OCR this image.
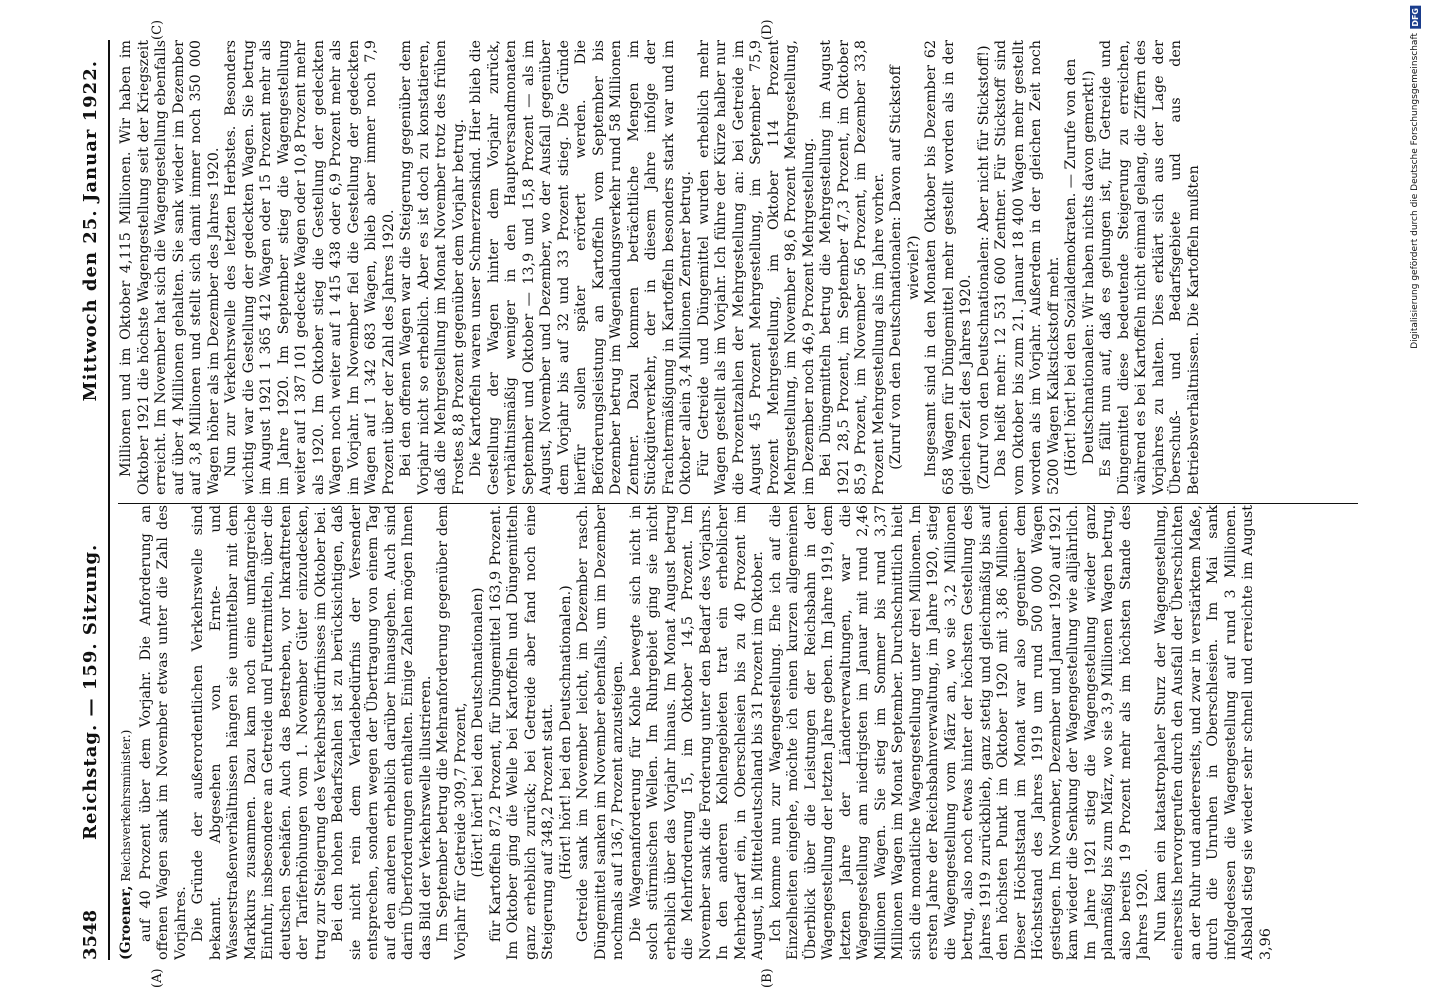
3548
Reichstag. — 159. Sitzung.
Mittwoch den 25. Januar 1922.
(A)	(B)
(C)	(D)
(Groener, Reichsverkehrsminister.) auf 40 Prozent über dem Vorjahr. Die Anforderung an offenen Wagen sank im November etwas unter die Zahl des Vorjahres. Die Gründe der außerordentlichen Verkehrswelle sind bekannt. Abgesehen von Ernte- und Wasserstraßenverhältnissen hängen sie unmittelbar mit dem Markkurs zusammen. Dazu kam noch eine umfangreiche Einfuhr, insbesondere an Getreide und Futtermitteln, über die deutschen Seehäfen. Auch das Bestreben, vor Inkrafttreten der Tariferhöhungen vom 1. November Güter einzudecken, trug zur Steigerung des Verkehrsbedürfnisses im Oktober bei. Bei den hohen Bedarfszahlen ist zu berücksichtigen, daß sie nicht rein dem Verladebedürfnis der Versender entsprechen, sondern wegen der Übertragung von einem Tag auf den anderen erheblich darüber hinausgehen. Auch sind darin Überforderungen enthalten. Einige Zahlen mögen Ihnen das Bild der Verkehrswelle illustrieren. Im September betrug die Mehranforderung gegenüber dem Vorjahr für Getreide 309,7 Prozent, (Hört! hört! bei den Deutschnationalen) für Kartoffeln 87,2 Prozent, für Düngemittel 163,9 Prozent. Im Oktober ging die Welle bei Kartoffeln und Düngemitteln ganz erheblich zurück; bei Getreide aber fand noch eine Steigerung auf 348,2 Prozent statt. (Hört! hört! bei den Deutschnationalen.) Getreide sank im November leicht, im Dezember rasch. Düngemittel sanken im November ebenfalls, um im Dezember nochmals auf 136,7 Prozent anzusteigen. Die Wagenanforderung für Kohle bewegte sich nicht in solch stürmischen Wellen. Im Ruhrgebiet ging sie nicht erheblich über das Vorjahr hinaus. Im Monat August betrug die Mehrforderung 15, im Oktober 14,5 Prozent. Im November sank die Forderung unter den Bedarf des Vorjahrs. In den anderen Kohlengebieten trat ein erheblicher Mehrbedarf ein, in Oberschlesien bis zu 40 Prozent im August, in Mitteldeutschland bis 31 Prozent im Oktober. Ich komme nun zur Wagengestellung. Ehe ich auf die Einzelheiten eingehe, möchte ich einen kurzen allgemeinen Überblick über die Leistungen der Reichsbahn in der Wagengestellung der letzten Jahre geben. Im Jahre 1919, dem letzten Jahre der Länderverwaltungen, war die Wagengestellung am niedrigsten im Januar mit rund 2,46 Millionen Wagen. Sie stieg im Sommer bis rund 3,37 Millionen Wagen im Monat September. Durchschnittlich hielt sich die monatliche Wagengestellung unter drei Millionen. Im ersten Jahre der Reichsbahnverwaltung, im Jahre 1920, stieg die Wagengestellung vom März an, wo sie 3,2 Millionen betrug, also noch etwas hinter der höchsten Gestellung des Jahres 1919 zurückblieb, ganz stetig und gleichmäßig bis auf den höchsten Punkt im Oktober 1920 mit 3,86 Millionen. Dieser Höchststand im Monat war also gegenüber dem Höchststand des Jahres 1919 um rund 500 000 Wagen gestiegen. Im November, Dezember und Januar 1920 auf 1921 kam wieder die Senkung der Wagengestellung wie alljährlich. Im Jahre 1921 stieg die Wagengestellung wieder ganz planmäßig bis zum März, wo sie 3,9 Millionen Wagen betrug, also bereits 19 Prozent mehr als im höchsten Stande des Jahres 1920. Nun kam ein katastrophaler Sturz der Wagengestellung, einerseits hervorgerufen durch den Ausfall der Überschichten an der Ruhr und andererseits, und zwar in verstärktem Maße, durch die Unruhen in Oberschlesien. Im Mai sank infolgedessen die Wagengestellung auf rund 3 Millionen. Alsbald stieg sie wieder sehr schnell und erreichte im August 3,96

Millionen und im Oktober 4,115 Millionen. Wir haben im Oktober 1921 die höchste Wagengestellung seit der Kriegszeit erreicht. Im November hat sich die Wagengestellung ebenfalls auf über 4 Millionen gehalten. Sie sank wieder im Dezember auf 3,8 Millionen und stellt sich damit immer noch 350 000 Wagen höher als im Dezember des Jahres 1920. Nun zur Verkehrswelle des letzten Herbstes. Besonders wichtig war die Gestellung der gedeckten Wagen. Sie betrug im August 1921 1 365 412 Wagen oder 15 Prozent mehr als im Jahre 1920. Im September stieg die Wagengestellung weiter auf 1 387 101 gedeckte Wagen oder 10,8 Prozent mehr als 1920. Im Oktober stieg die Gestellung der gedeckten Wagen noch weiter auf 1 415 438 oder 6,9 Prozent mehr als im Vorjahr. Im November fiel die Gestellung der gedeckten Wagen auf 1 342 683 Wagen, blieb aber immer noch 7,9 Prozent über der Zahl des Jahres 1920. Bei den offenen Wagen war die Steigerung gegenüber dem Vorjahr nicht so erheblich. Aber es ist doch zu konstatieren, daß die Mehrgestellung im Monat November trotz des frühen Frostes 8,8 Prozent gegenüber dem Vorjahr betrug. Die Kartoffeln waren unser Schmerzenskind. Hier blieb die Gestellung der Wagen hinter dem Vorjahr zurück, verhältnismäßig weniger in den Hauptversandmonaten September und Oktober — 13,9 und 15,8 Prozent — als im August, November und Dezember, wo der Ausfall gegenüber dem Vorjahr bis auf 32 und 33 Prozent stieg. Die Gründe hierfür sollen später erörtert werden. Die Beförderungsleistung an Kartoffeln vom September bis Dezember betrug im Wagenladungsverkehr rund 58 Millionen Zentner. Dazu kommen beträchtliche Mengen im Stückgüterverkehr, der in diesem Jahre infolge der Frachtermäßigung in Kartoffeln besonders stark war und im Oktober allein 3,4 Millionen Zentner betrug. Für Getreide und Düngemittel wurden erheblich mehr Wagen gestellt als im Vorjahr. Ich führe der Kürze halber nur die Prozentzahlen der Mehrgestellung an: bei Getreide im August 45 Prozent Mehrgestellung, im September 75,9 Prozent Mehrgestellung, im Oktober 114 Prozent Mehrgestellung, im November 98,6 Prozent Mehrgestellung, im Dezember noch 46,9 Prozent Mehrgestellung. Bei Düngemitteln betrug die Mehrgestellung im August 1921 28,5 Prozent, im September 47,3 Prozent, im Oktober 85,9 Prozent, im November 56 Prozent, im Dezember 33,8 Prozent Mehrgestellung als im Jahre vorher. (Zuruf von den Deutschnationalen: Davon auf Stickstoff wieviel?) Insgesamt sind in den Monaten Oktober bis Dezember 62 658 Wagen für Düngemittel mehr gestellt worden als in der gleichen Zeit des Jahres 1920. (Zuruf von den Deutschnationalen: Aber nicht für Stickstoff!) Das heißt mehr: 12 531 600 Zentner. Für Stickstoff sind vom Oktober bis zum 21. Januar 18 400 Wagen mehr gestellt worden als im Vorjahr. Außerdem in der gleichen Zeit noch 5200 Wagen Kalkstickstoff mehr. (Hört! hört! bei den Sozialdemokraten. — Zurufe von den Deutschnationalen: Wir haben nichts davon gemerkt!) Es fällt nun auf, daß es gelungen ist, für Getreide und Düngemittel diese bedeutende Steigerung zu erreichen, während es bei Kartoffeln nicht einmal gelang, die Ziffern des Vorjahres zu halten. Dies erklärt sich aus der Lage der Überschuß- und Bedarfsgebiete und aus den Betriebsverhältnissen. Die Kartoffeln mußten

DFG
Digitalisierung gefördert durch die Deutsche Forschungsgemeinschaft
